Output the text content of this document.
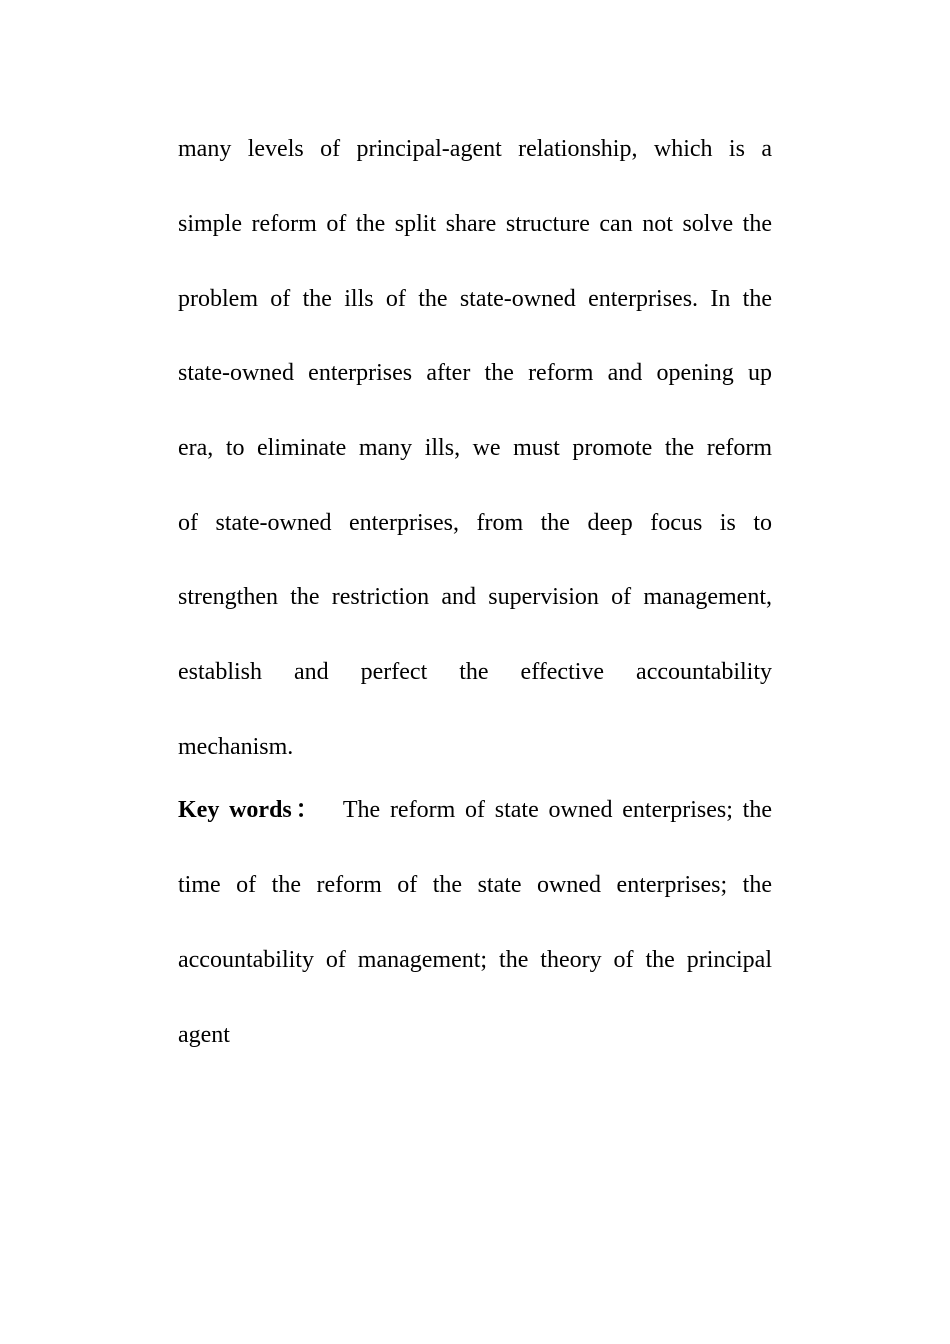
many levels of principal-agent relationship, which is a
simple reform of the split share structure can not solve the
problem of the ills of the state-owned enterprises. In the
state-owned enterprises after the reform and opening up
era, to eliminate many ills, we must promote the reform
of state-owned enterprises, from the deep focus is to
strengthen the restriction and supervision of management,
establish and perfect the effective accountability
mechanism.
Key words： The reform of state owned enterprises; the
time of the reform of the state owned enterprises; the
accountability of management; the theory of the principal
agent
